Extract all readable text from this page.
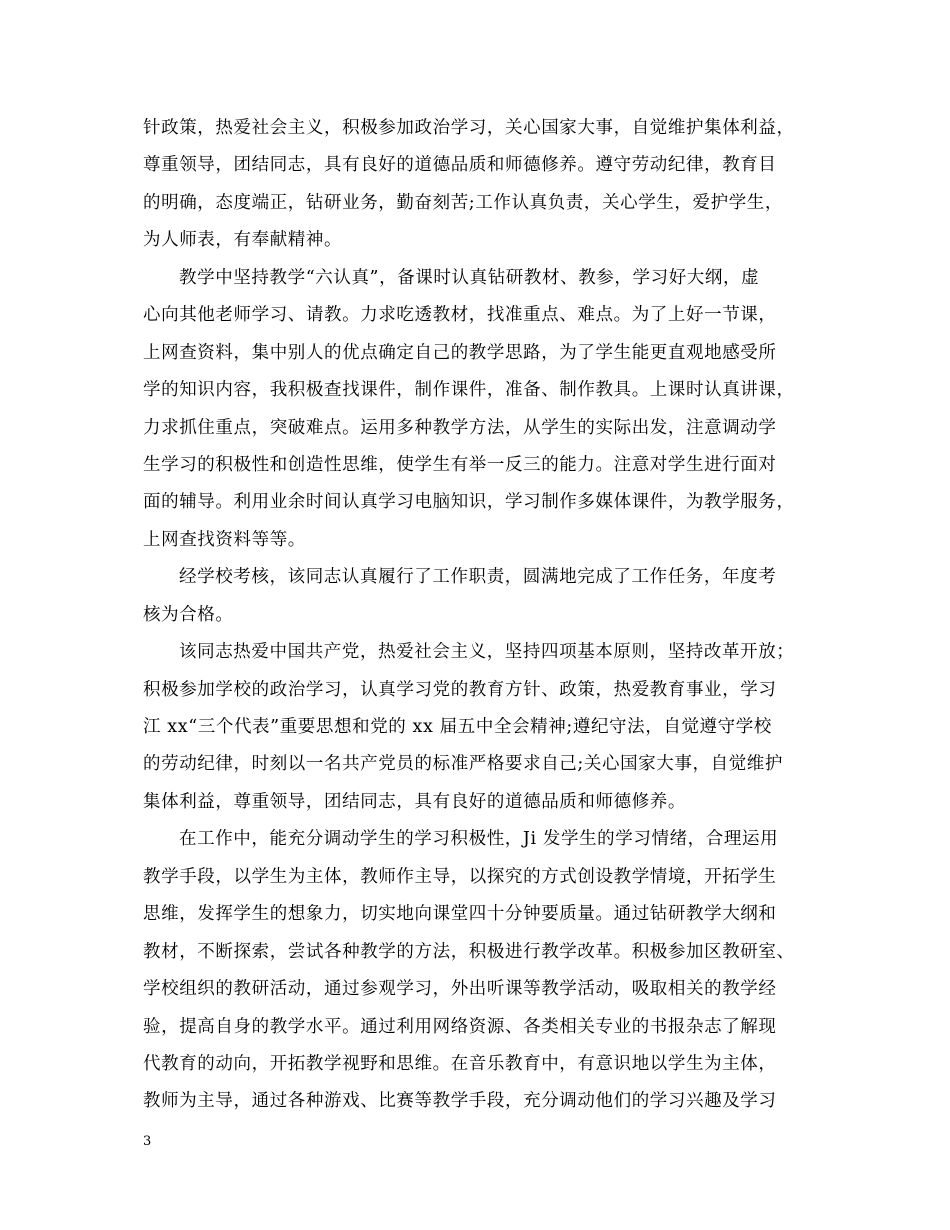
针政策，热爱社会主义，积极参加政治学习，关心国家大事，自觉维护集体利益，
尊重领导，团结同志，具有良好的道德品质和师德修养。遵守劳动纪律，教育目
的明确，态度端正，钻研业务，勤奋刻苦;工作认真负责，关心学生，爱护学生，
为人师表，有奉献精神。
教学中坚持教学“六认真”，备课时认真钻研教材、教参，学习好大纲，虚
心向其他老师学习、请教。力求吃透教材，找准重点、难点。为了上好一节课，
上网查资料，集中别人的优点确定自己的教学思路，为了学生能更直观地感受所
学的知识内容，我积极查找课件，制作课件，准备、制作教具。上课时认真讲课，
力求抓住重点，突破难点。运用多种教学方法，从学生的实际出发，注意调动学
生学习的积极性和创造性思维，使学生有举一反三的能力。注意对学生进行面对
面的辅导。利用业余时间认真学习电脑知识，学习制作多媒体课件，为教学服务，
上网查找资料等等。
经学校考核，该同志认真履行了工作职责，圆满地完成了工作任务，年度考
核为合格。
该同志热爱中国共产党，热爱社会主义，坚持四项基本原则，坚持改革开放；
积极参加学校的政治学习，认真学习党的教育方针、政策，热爱教育事业，学习
江 xx“三个代表”重要思想和党的 xx 届五中全会精神;遵纪守法，自觉遵守学校
的劳动纪律，时刻以一名共产党员的标准严格要求自己;关心国家大事，自觉维护
集体利益，尊重领导，团结同志，具有良好的道德品质和师德修养。
在工作中，能充分调动学生的学习积极性，Ji 发学生的学习情绪，合理运用
教学手段，以学生为主体，教师作主导，以探究的方式创设教学情境，开拓学生
思维，发挥学生的想象力，切实地向课堂四十分钟要质量。通过钻研教学大纲和
教材，不断探索，尝试各种教学的方法，积极进行教学改革。积极参加区教研室、
学校组织的教研活动，通过参观学习，外出听课等教学活动，吸取相关的教学经
验，提高自身的教学水平。通过利用网络资源、各类相关专业的书报杂志了解现
代教育的动向，开拓教学视野和思维。在音乐教育中，有意识地以学生为主体，
教师为主导，通过各种游戏、比赛等教学手段，充分调动他们的学习兴趣及学习
3
